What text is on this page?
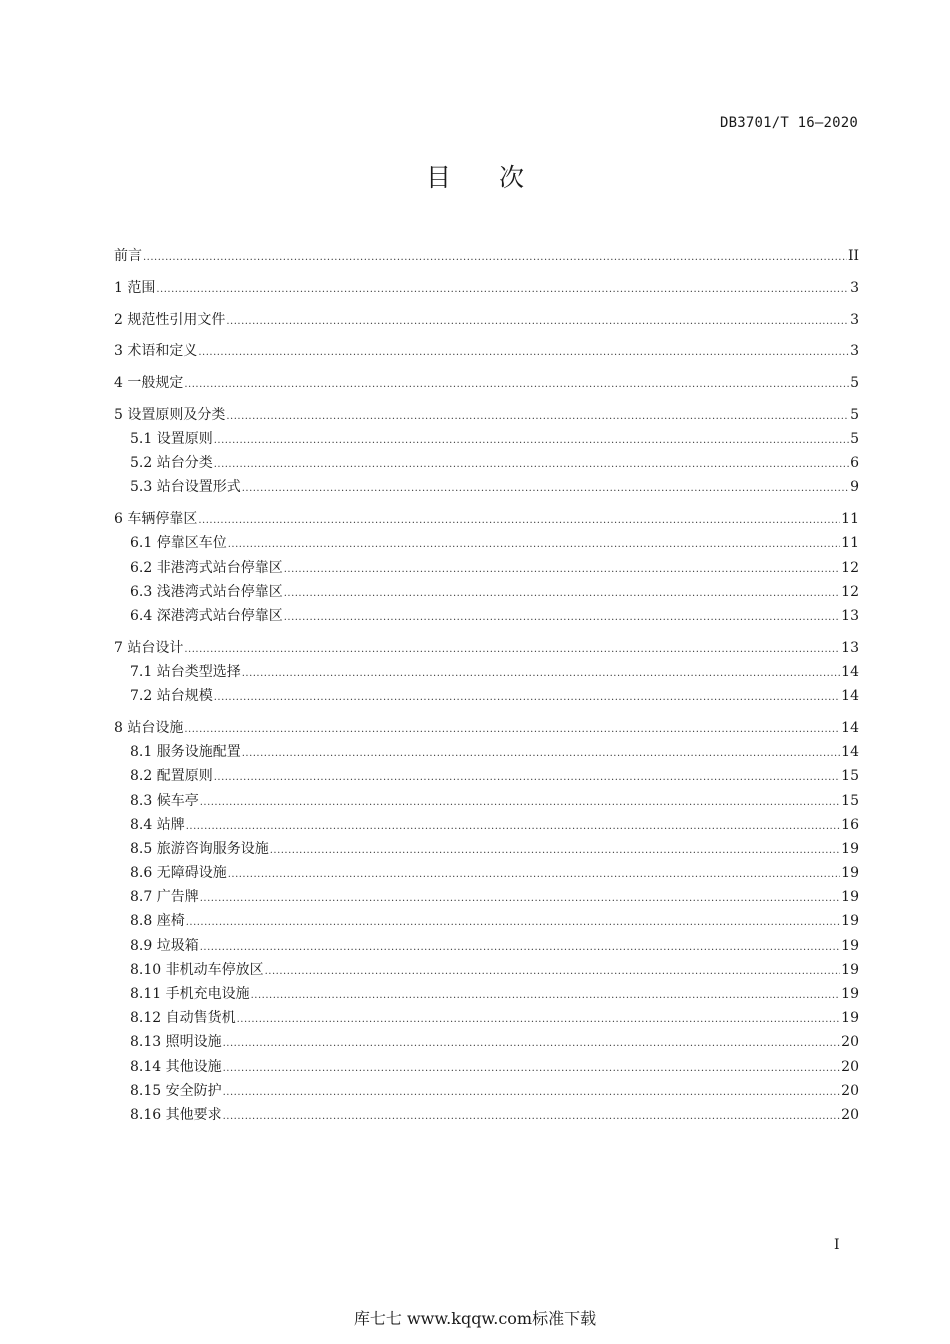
DB3701/T 16—2020
目 次
前言 .....	II
1 范围 .....	3
2 规范性引用文件 .....	3
3 术语和定义 .....	3
4 一般规定 .....	5
5 设置原则及分类 .....	5
5.1 设置原则 .....	5
5.2 站台分类 .....	6
5.3 站台设置形式 .....	9
6 车辆停靠区 .....	11
6.1 停靠区车位 .....	11
6.2 非港湾式站台停靠区 .....	12
6.3 浅港湾式站台停靠区 .....	12
6.4 深港湾式站台停靠区 .....	13
7 站台设计 .....	13
7.1 站台类型选择 .....	14
7.2 站台规模 .....	14
8 站台设施 .....	14
8.1 服务设施配置 .....	14
8.2 配置原则 .....	15
8.3 候车亭 .....	15
8.4 站牌 .....	16
8.5 旅游咨询服务设施 .....	19
8.6 无障碍设施 .....	19
8.7 广告牌 .....	19
8.8 座椅 .....	19
8.9 垃圾箱 .....	19
8.10 非机动车停放区 .....	19
8.11 手机充电设施 .....	19
8.12 自动售货机 .....	19
8.13 照明设施 .....	20
8.14 其他设施 .....	20
8.15 安全防护 .....	20
8.16 其他要求 .....	20
I
库七七 www.kqqw.com标准下载
